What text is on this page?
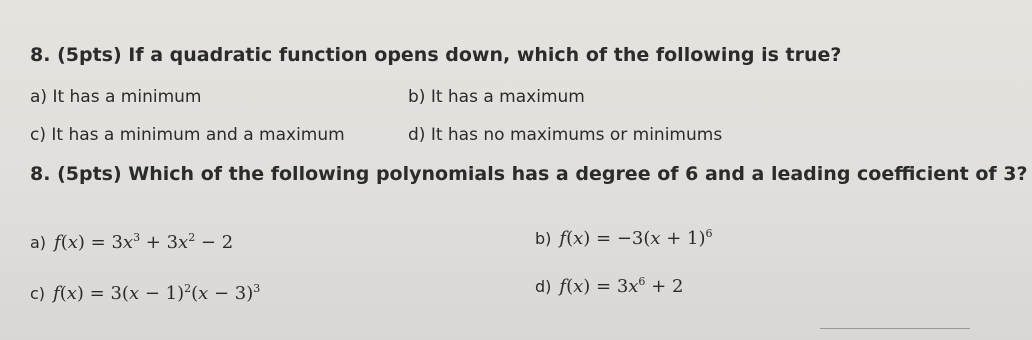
8. (5pts) If a quadratic function opens down, which of the following is true?
a) It has a minimum	b) It has a maximum
c) It has a minimum and a maximum	d) It has no maximums or minimums
8. (5pts) Which of the following polynomials has a degree of 6 and a leading coefficient of 3?
a) $f(x) = 3x^3 + 3x^2 - 2$	b) $f(x) = -3(x + 1)^6$
c) $f(x) = 3(x - 1)^2(x - 3)^3$	d) $f(x) = 3x^6 + 2$
